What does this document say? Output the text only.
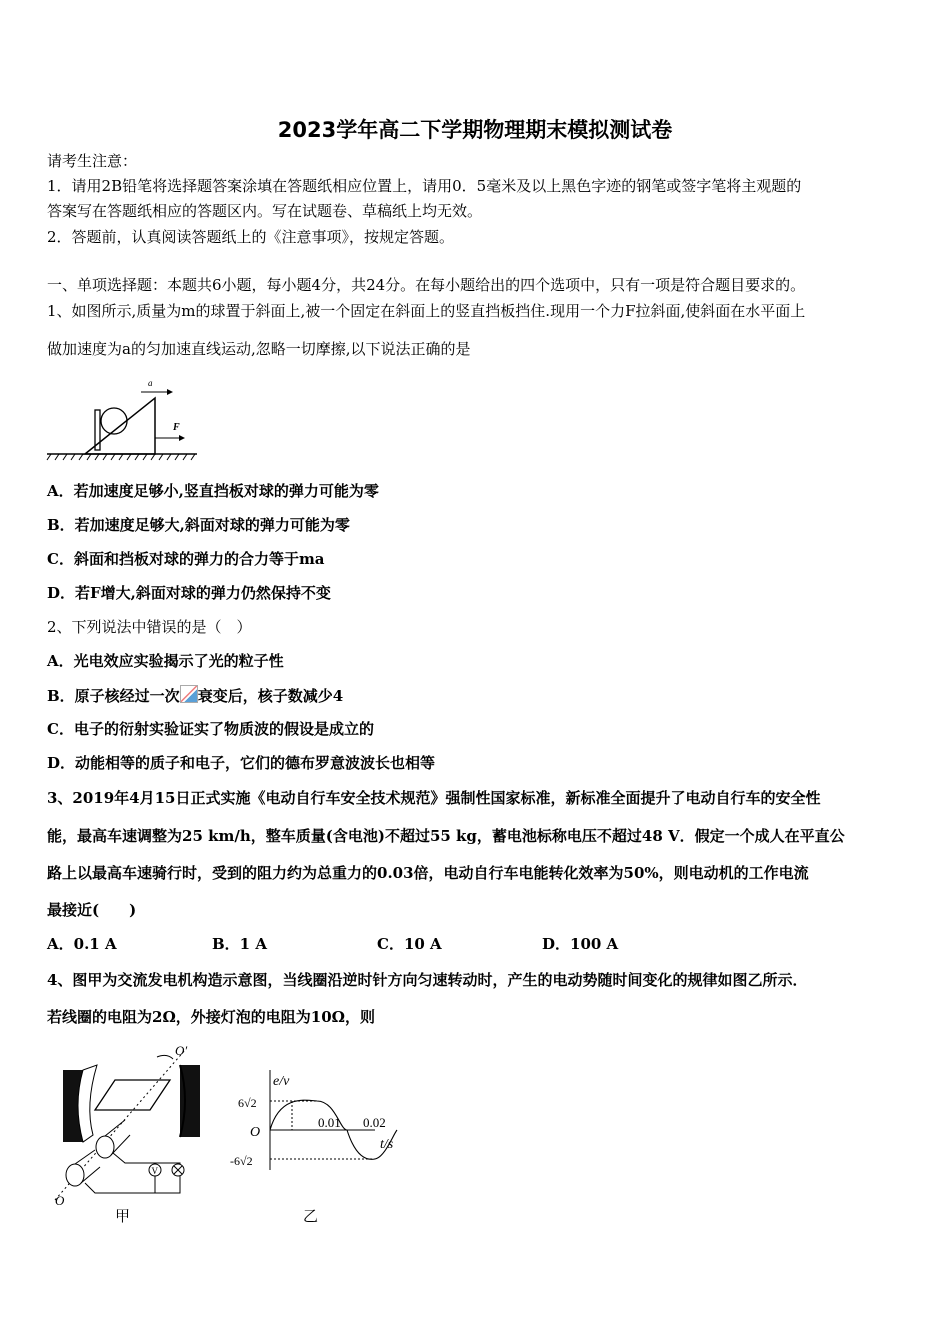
2023学年高二下学期物理期末模拟测试卷
请考生注意：
1．请用2B铅笔将选择题答案涂填在答题纸相应位置上，请用0．5毫米及以上黑色字迹的钢笔或签字笔将主观题的
答案写在答题纸相应的答题区内。写在试题卷、草稿纸上均无效。
2．答题前，认真阅读答题纸上的《注意事项》，按规定答题。
一、单项选择题：本题共6小题，每小题4分，共24分。在每小题给出的四个选项中，只有一项是符合题目要求的。
1、如图所示,质量为m的球置于斜面上,被一个固定在斜面上的竖直挡板挡住.现用一个力F拉斜面,使斜面在水平面上
做加速度为a的匀加速直线运动,忽略一切摩擦,以下说法正确的是
a
F
A．若加速度足够小,竖直挡板对球的弹力可能为零
B．若加速度足够大,斜面对球的弹力可能为零
C．斜面和挡板对球的弹力的合力等于ma
D．若F增大,斜面对球的弹力仍然保持不变
2、下列说法中错误的是（　）
A．光电效应实验揭示了光的粒子性
B．原子核经过一次 衰变后，核子数减少4
C．电子的衍射实验证实了物质波的假设是成立的
D．动能相等的质子和电子，它们的德布罗意波波长也相等
3、2019年4月15日正式实施《电动自行车安全技术规范》强制性国家标准，新标准全面提升了电动自行车的安全性
能，最高车速调整为25 km/h，整车质量(含电池)不超过55 kg，蓄电池标称电压不超过48 V．假定一个成人在平直公
路上以最高车速骑行时，受到的阻力约为总重力的0.03倍，电动自行车电能转化效率为50%，则电动机的工作电流
最接近(　　)
A．0.1 A	B．1 A	C．10 A	D．100 A
4、图甲为交流发电机构造示意图，当线圈沿逆时针方向匀速转动时，产生的电动势随时间变化的规律如图乙所示．
若线圈的电阻为2Ω，外接灯泡的电阻为10Ω，则
V
O′
O
甲
e/v
6√2
O
-6√2
0.01 0.02
t/s
乙
